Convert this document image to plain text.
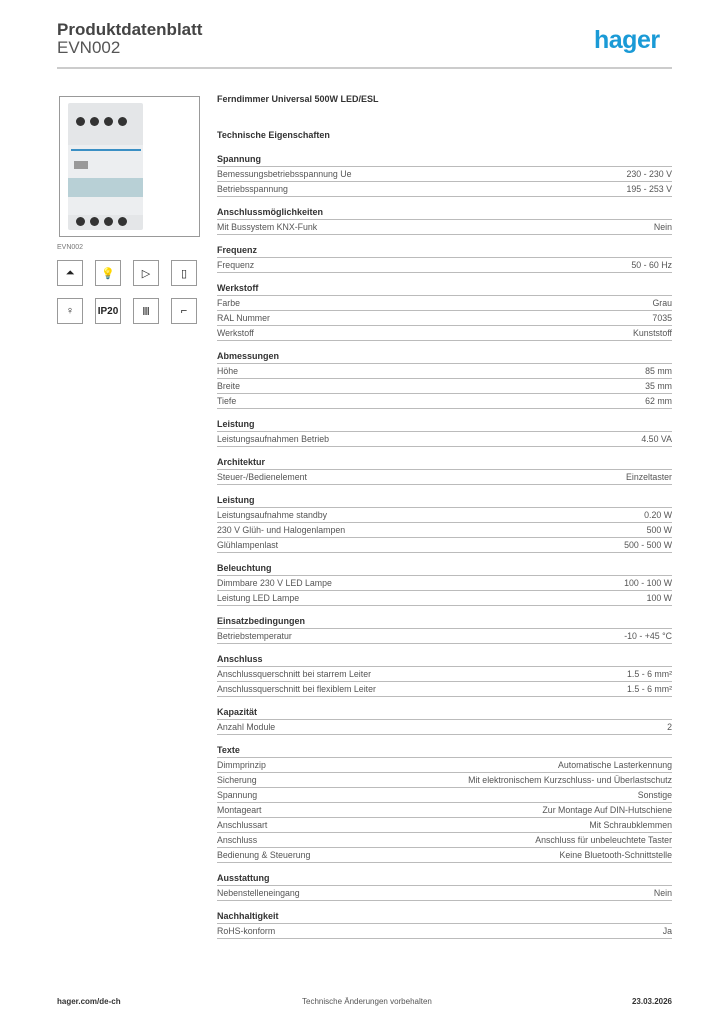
Produktdatenblatt
EVN002	hager
EVN002
⏶	💡	▷	▯
♀	IP20	Ⅲ	⌐
Ferndimmer Universal 500W LED/ESL
Technische Eigenschaften
Spannung
Bemessungsbetriebsspannung Ue	230 - 230 V
Betriebsspannung	195 - 253 V
Anschlussmöglichkeiten
Mit Bussystem KNX-Funk	Nein
Frequenz
Frequenz	50 - 60 Hz
Werkstoff
Farbe	Grau
RAL Nummer	7035
Werkstoff	Kunststoff
Abmessungen
Höhe	85 mm
Breite	35 mm
Tiefe	62 mm
Leistung
Leistungsaufnahmen Betrieb	4.50 VA
Architektur
Steuer-/Bedienelement	Einzeltaster
Leistung
Leistungsaufnahme standby	0.20 W
230 V Glüh- und Halogenlampen	500 W
Glühlampenlast	500 - 500 W
Beleuchtung
Dimmbare 230 V LED Lampe	100 - 100 W
Leistung LED Lampe	100 W
Einsatzbedingungen
Betriebstemperatur	-10 - +45 °C
Anschluss
Anschlussquerschnitt bei starrem Leiter	1.5 - 6 mm²
Anschlussquerschnitt bei flexiblem Leiter	1.5 - 6 mm²
Kapazität
Anzahl Module	2
Texte
Dimmprinzip	Automatische Lasterkennung
Sicherung	Mit elektronischem Kurzschluss- und Überlastschutz
Spannung	Sonstige
Montageart	Zur Montage Auf DIN-Hutschiene
Anschlussart	Mit Schraubklemmen
Anschluss	Anschluss für unbeleuchtete Taster
Bedienung & Steuerung	Keine Bluetooth-Schnittstelle
Ausstattung
Nebenstelleneingang	Nein
Nachhaltigkeit
RoHS-konform	Ja
hager.com/de-ch	Technische Änderungen vorbehalten	23.03.2026
